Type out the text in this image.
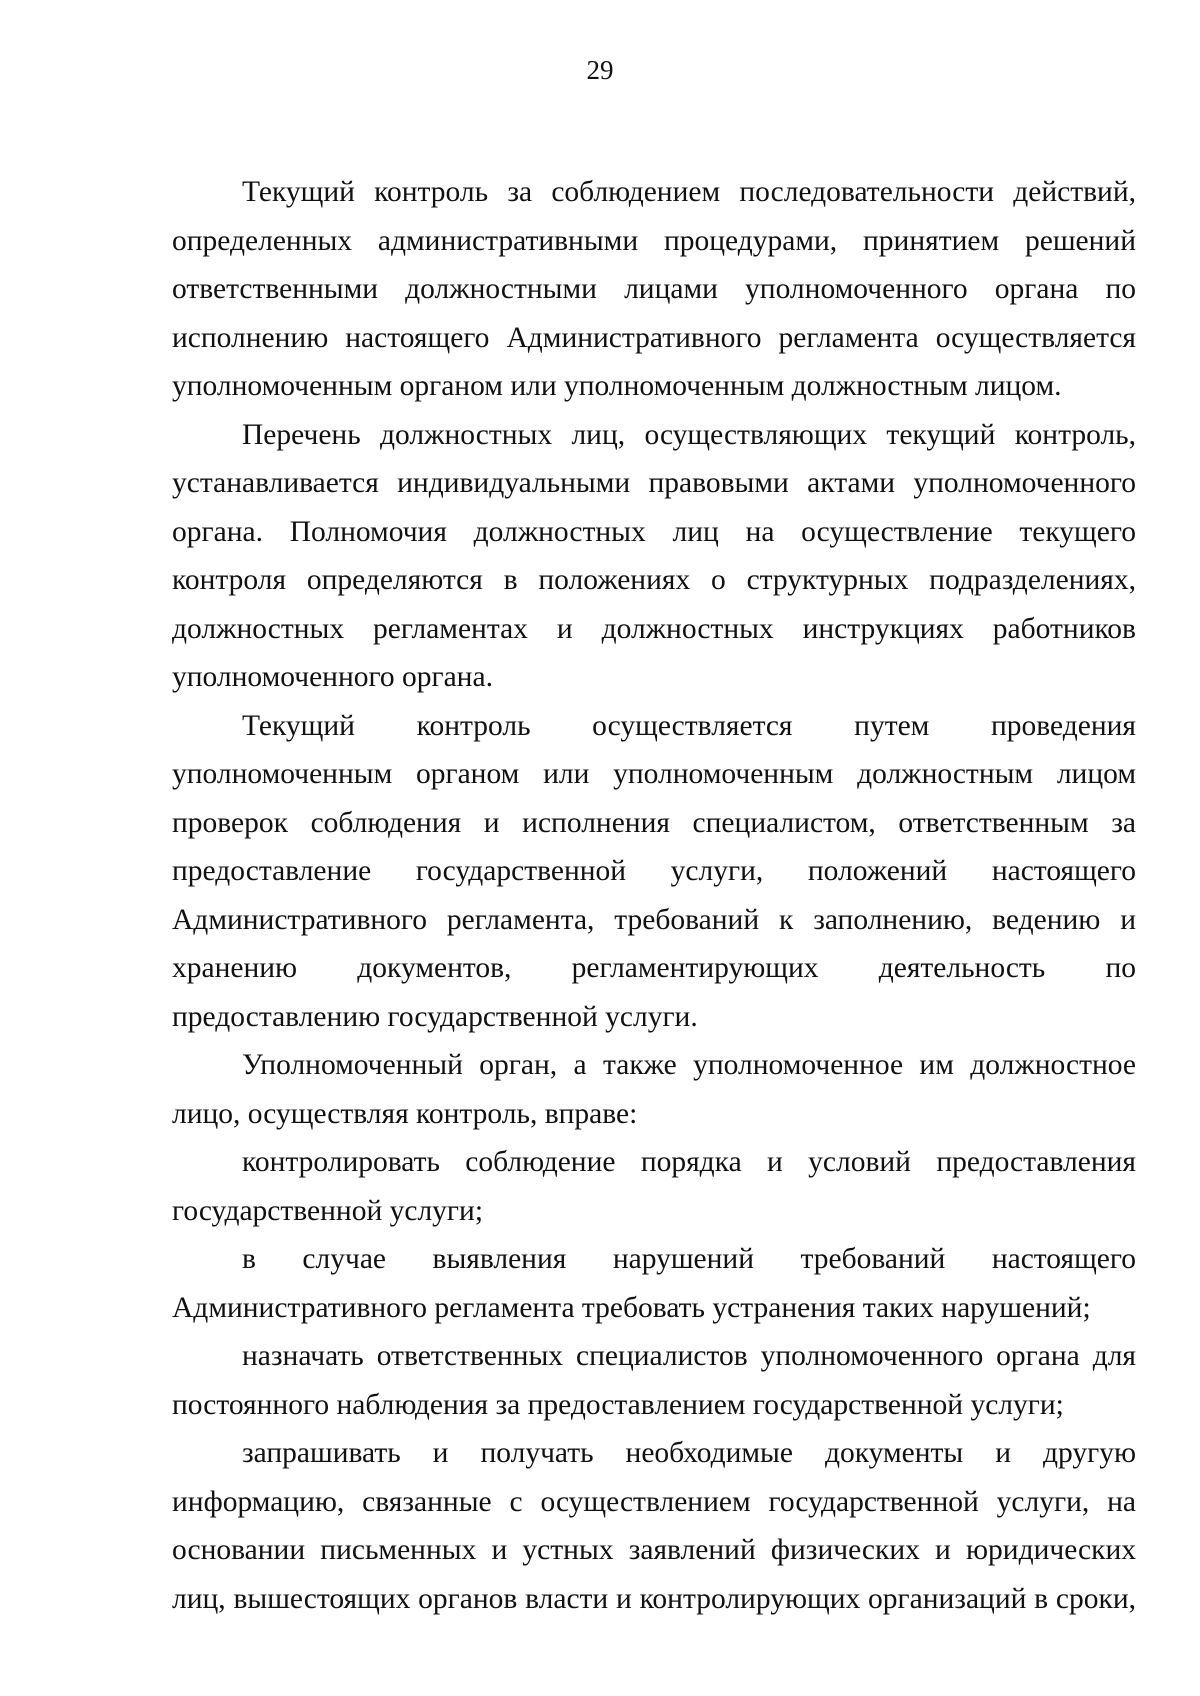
29

Текущий контроль за соблюдением последовательности действий, определенных административными процедурами, принятием решений ответственными должностными лицами уполномоченного органа по исполнению настоящего Административного регламента осуществляется уполномоченным органом или уполномоченным должностным лицом.

Перечень должностных лиц, осуществляющих текущий контроль, устанавливается индивидуальными правовыми актами уполномоченного органа. Полномочия должностных лиц на осуществление текущего контроля определяются в положениях о структурных подразделениях, должностных регламентах и должностных инструкциях работников уполномоченного органа.

Текущий контроль осуществляется путем проведения уполномоченным органом или уполномоченным должностным лицом проверок соблюдения и исполнения специалистом, ответственным за предоставление государственной услуги, положений настоящего Административного регламента, требований к заполнению, ведению и хранению документов, регламентирующих деятельность по предоставлению государственной услуги.

Уполномоченный орган, а также уполномоченное им должностное лицо, осуществляя контроль, вправе:

контролировать соблюдение порядка и условий предоставления государственной услуги;

в случае выявления нарушений требований настоящего Административного регламента требовать устранения таких нарушений;

назначать ответственных специалистов уполномоченного органа для постоянного наблюдения за предоставлением государственной услуги;

запрашивать и получать необходимые документы и другую информацию, связанные с осуществлением государственной услуги, на основании письменных и устных заявлений физических и юридических лиц, вышестоящих органов власти и контролирующих организаций в сроки,
